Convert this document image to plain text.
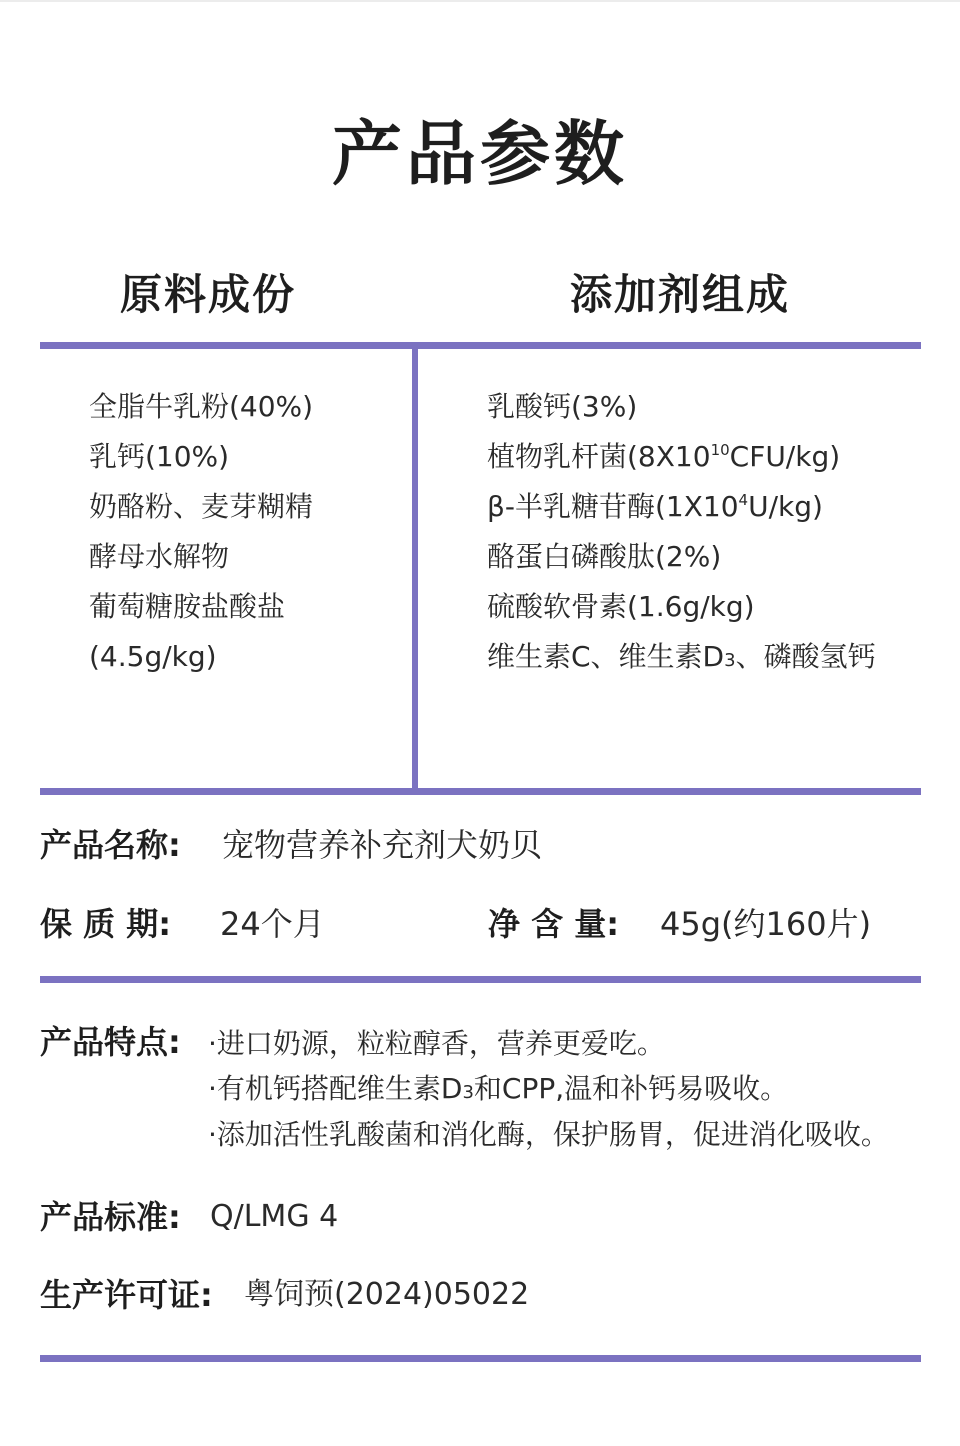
产品参数
原料成份	添加剂组成
全脂牛乳粉(40%)
乳钙(10%)
奶酪粉、麦芽糊精
酵母水解物
葡萄糖胺盐酸盐
(4.5g/kg)
乳酸钙(3%)
植物乳杆菌$(8X10^{10}CFU/kg)$
β-半乳糖苷酶$(1X10^4U/kg)$
酪蛋白磷酸肽(2%)
硫酸软骨素(1.6g/kg)
维生素C、维生素D3、磷酸氢钙
产品名称: 宠物营养补充剂犬奶贝
保 质 期: 24个月	净 含 量: 45g(约160片)
产品特点: ·进口奶源，粒粒醇香，营养更爱吃。
·有机钙搭配维生素D3和CPP,温和补钙易吸收。
·添加活性乳酸菌和消化酶，保护肠胃，促进消化吸收。
产品标准: Q/LMG 4
生产许可证: 粤饲预(2024)05022
